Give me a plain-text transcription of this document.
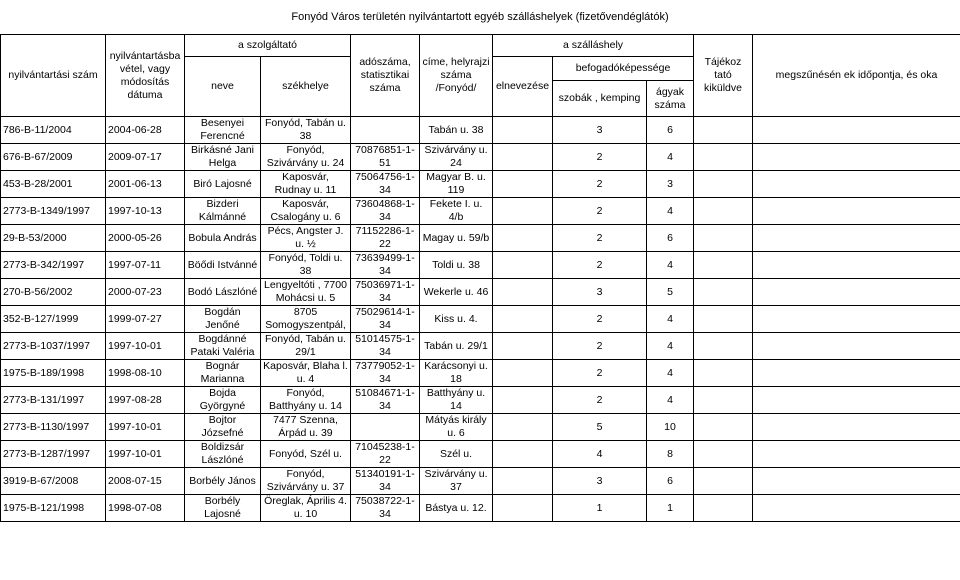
Fonyód Város területén nyilvántartott egyéb szálláshelyek (fizetővendéglátók)
nyilvántartási szám	nyilvántartásba vétel, vagy módosítás dátuma	a szolgáltató		adószáma, statisztikai száma	címe, helyrajzi száma /Fonyód/	a szálláshely			Tájékoz tató kiküldve	megszűnésén ek időpontja, és oka
		neve	székhelye			elnevezése	befogadóképessége			
							szobák , kemping	ágyak száma		
786-B-11/2004	2004-06-28	Besenyei Ferencné	Fonyód, Tabán u. 38		Tabán u. 38		3	6		
676-B-67/2009	2009-07-17	Birkásné Jani Helga	Fonyód, Szivárvány u. 24	70876851-1-51	Szivárvány u. 24		2	4		
453-B-28/2001	2001-06-13	Biró Lajosné	Kaposvár, Rudnay u. 11	75064756-1-34	Magyar B. u. 119		2	3		
2773-B-1349/1997	1997-10-13	Bizderi Kálmánné	Kaposvár, Csalogány u. 6	73604868-1-34	Fekete I. u. 4/b		2	4		
29-B-53/2000	2000-05-26	Bobula András	Pécs, Angster J. u. ½	71152286-1-22	Magay u. 59/b		2	6		
2773-B-342/1997	1997-07-11	Böődi Istvánné	Fonyód, Toldi u. 38	73639499-1-34	Toldi u. 38		2	4		
270-B-56/2002	2000-07-23	Bodó Lászlóné	Lengyeltóti , 7700 Mohácsi u. 5	75036971-1-34	Wekerle u. 46		3	5		
352-B-127/1999	1999-07-27	Bogdán Jenőné	8705 Somogyszentpál,	75029614-1-34	Kiss u. 4.		2	4		
2773-B-1037/1997	1997-10-01	Bogdánné Pataki Valéria	Fonyód, Tabán u. 29/1	51014575-1-34	Tabán u. 29/1		2	4		
1975-B-189/1998	1998-08-10	Bognár Marianna	Kaposvár, Blaha l. u. 4	73779052-1-34	Karácsonyi u. 18		2	4		
2773-B-131/1997	1997-08-28	Bojda Györgyné	Fonyód, Batthyány u. 14	51084671-1-34	Batthyány u. 14		2	4		
2773-B-1130/1997	1997-10-01	Bojtor Józsefné	7477 Szenna, Árpád u. 39		Mátyás király u. 6		5	10		
2773-B-1287/1997	1997-10-01	Boldizsár Lászlóné	Fonyód, Szél u.	71045238-1-22	Szél u.		4	8		
3919-B-67/2008	2008-07-15	Borbély János	Fonyód, Szivárvány u. 37	51340191-1-34	Szivárvány u. 37		3	6		
1975-B-121/1998	1998-07-08	Borbély Lajosné	Öreglak, Április 4. u. 10	75038722-1-34	Bástya u. 12.		1	1		
